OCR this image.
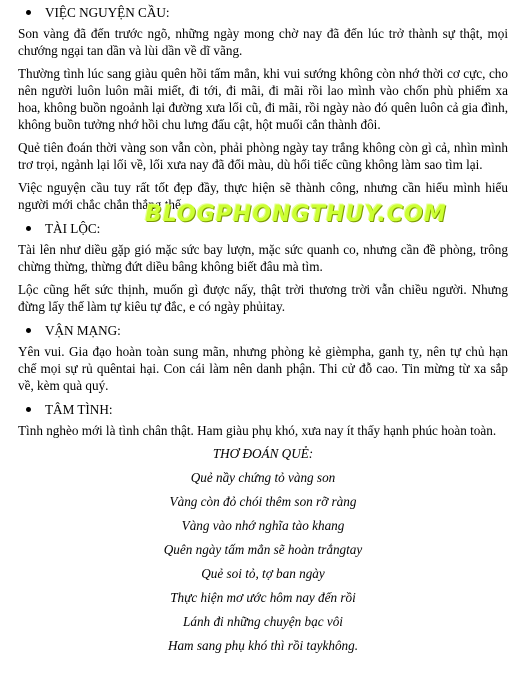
VIỆC NGUYỆN CẦU:

Son vàng đã đến trước ngõ, những ngày mong chờ nay đã đến lúc trở thành sự thật, mọi chướng ngại tan dần và lùi dần về dĩ vãng.

Thường tình lúc sang giàu quên hồi tấm mẳn, khi vui sướng không còn nhớ thời cơ cực, cho nên người luôn luôn mãi miết, đi tới, đi mãi, đi mãi rồi lao mình vào chốn phù phiếm xa hoa, không buồn ngoảnh lại đường xưa lối cũ, đi mãi, rồi ngày nào đó quên luôn cả gia đình, không buồn tưởng nhớ hồi chu lưng đấu cật, hột muối cắn thành đôi.

Quẻ tiên đoán thời vàng son vẫn còn, phải phòng ngày tay trắng không còn gì cả, nhìn mình trơ trọi, ngảnh lại lối về, lối xưa nay đã đổi màu, dù hối tiếc cũng không làm sao tìm lại.

Việc nguyện cầu tuy rất tốt đẹp đầy, thực hiện sẽ thành công, nhưng cần hiểu mình hiểu người mới chắc chắn thắng thế.

TÀI LỘC:

Tài lên như diều gặp gió mặc sức bay lượn, mặc sức quanh co, nhưng cần đề phòng, trông chừng thừng, thừng đứt diều bâng không biết đâu mà tìm.

Lộc cũng hết sức thịnh, muốn gì được nấy, thật trời thương trời vẫn chiều người. Nhưng đừng lấy thế làm tự kiêu tự đắc, e có ngày phủitay.

VẬN MẠNG:

Yên vui. Gia đạo hoàn toàn sung mãn, nhưng phòng kẻ gièmpha, ganh tỵ, nên tự chủ hạn chế mọi sự rủ quêntai hại. Con cái làm nên danh phận. Thi cử đỗ cao. Tin mừng từ xa sắp về, kèm quà quý.

TÂM TÌNH:

Tình nghèo mới là tình chân thật. Ham giàu phụ khó, xưa nay ít thấy hạnh phúc hoàn toàn.

THƠ ĐOÁN QUẺ:
Quẻ nầy chứng tỏ vàng son
Vàng còn đỏ chói thêm son rỡ ràng
Vàng vào nhớ nghĩa tào khang
Quên ngày tấm mẳn sẽ hoàn trắngtay
Quẻ soi tỏ, tợ ban ngày
Thực hiện mơ ước hôm nay đến rồi
Lánh đi những chuyện bạc vôi
Ham sang phụ khó thì rồi taykhông.
BLOGPHONGTHUY.COM
